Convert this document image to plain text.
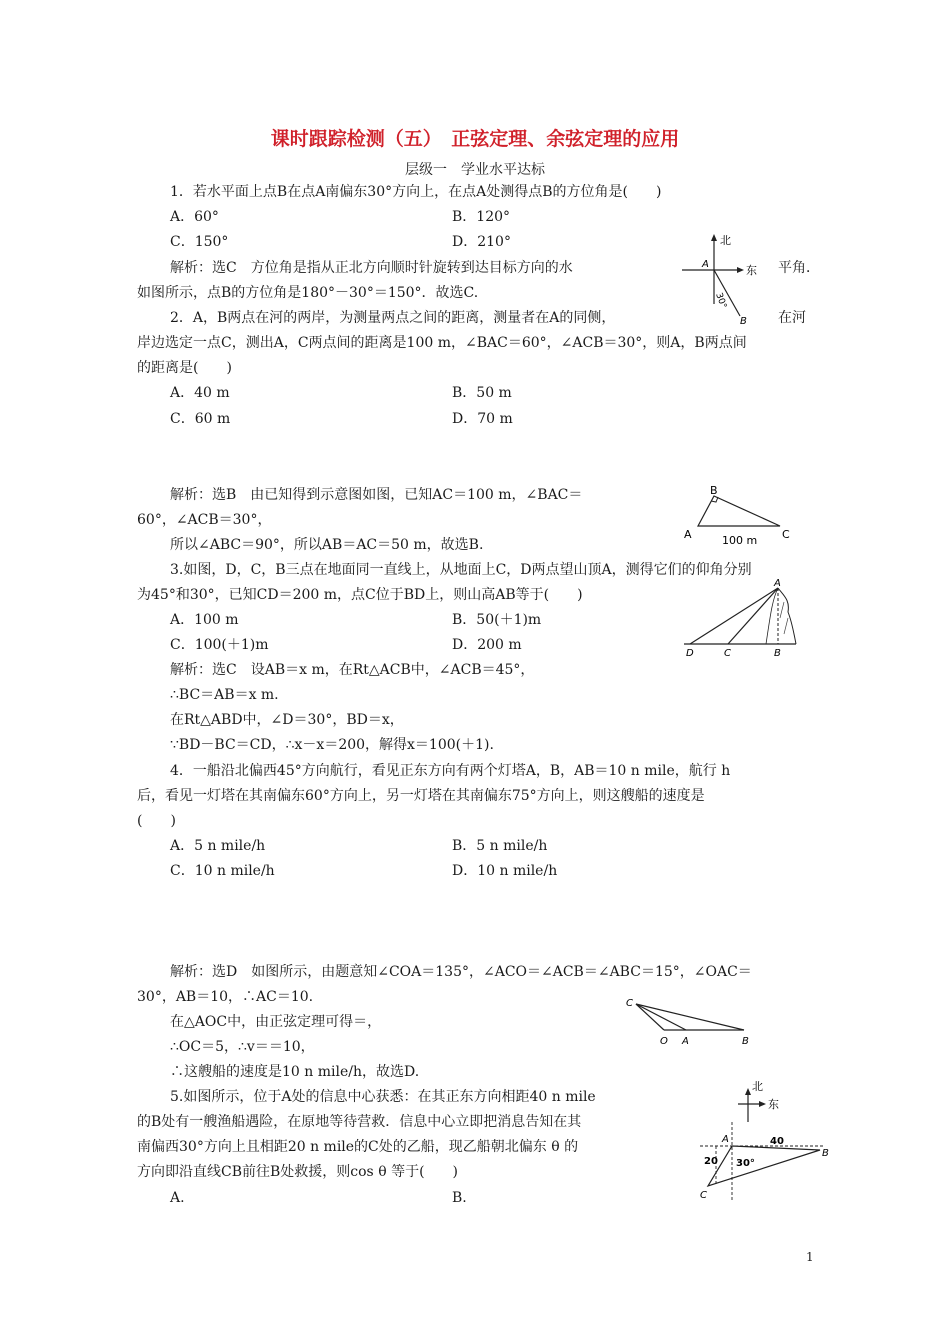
课时跟踪检测（五）　正弦定理、余弦定理的应用
层级一　学业水平达标
1．若水平面上点B在点A南偏东30°方向上，在点A处测得点B的方位角是(　　)
A．60°	B．120°
C．150°	D．210°
解析：选C　方位角是指从正北方向顺时针旋转到达目标方向的水	平角．
如图所示，点B的方位角是180°－30°＝150°．故选C.
北
东
A
B
30°
2．A，B两点在河的两岸，为测量两点之间的距离，测量者在A的同侧，	在河
岸边选定一点C，测出A，C两点间的距离是100 m，∠BAC＝60°，∠ACB＝30°，则A，B两点间
的距离是(　　)
A．40 m	B．50 m
C．60 m	D．70 m
解析：选B　由已知得到示意图如图，已知AC＝100 m，∠BAC＝
60°，∠ACB＝30°，
所以∠ABC＝90°，所以AB＝AC＝50 m，故选B.
B
A	C
100 m
3.如图，D，C，B三点在地面同一直线上，从地面上C，D两点望山顶A，测得它们的仰角分别
为45°和30°，已知CD＝200 m，点C位于BD上，则山高AB等于(　　)
A．100 m	B．50(＋1)m
C．100(＋1)m	D．200 m
解析：选C　设AB＝x m，在Rt△ACB中，∠ACB＝45°，
∴BC＝AB＝x m.
在Rt△ABD中，∠D＝30°，BD＝x，
∵BD－BC＝CD，∴x－x＝200，解得x＝100(＋1).
A
B
C
D
4．一船沿北偏西45°方向航行，看见正东方向有两个灯塔A，B，AB＝10 n mile，航行 h
后，看见一灯塔在其南偏东60°方向上，另一灯塔在其南偏东75°方向上，则这艘船的速度是
(　　)
A．5 n mile/h	B．5 n mile/h
C．10 n mile/h	D．10 n mile/h
解析：选D　如图所示，由题意知∠COA＝135°，∠ACO＝∠ACB＝∠ABC＝15°，∠OAC＝
30°，AB＝10，∴AC＝10.
在△AOC中，由正弦定理可得＝，
∴OC＝5，∴v＝＝10，
∴这艘船的速度是10 n mile/h，故选D.
C
O A	B
5.如图所示，位于A处的信息中心获悉：在其正东方向相距40 n mile
的B处有一艘渔船遇险，在原地等待营救．信息中心立即把消息告知在其
南偏西30°方向上且相距20 n mile的C处的乙船，现乙船朝北偏东 θ 的
方向即沿直线CB前往B处救援，则cos θ 等于(　　)
A.	B.
北
东
A
B
C
40
20 30°
1
